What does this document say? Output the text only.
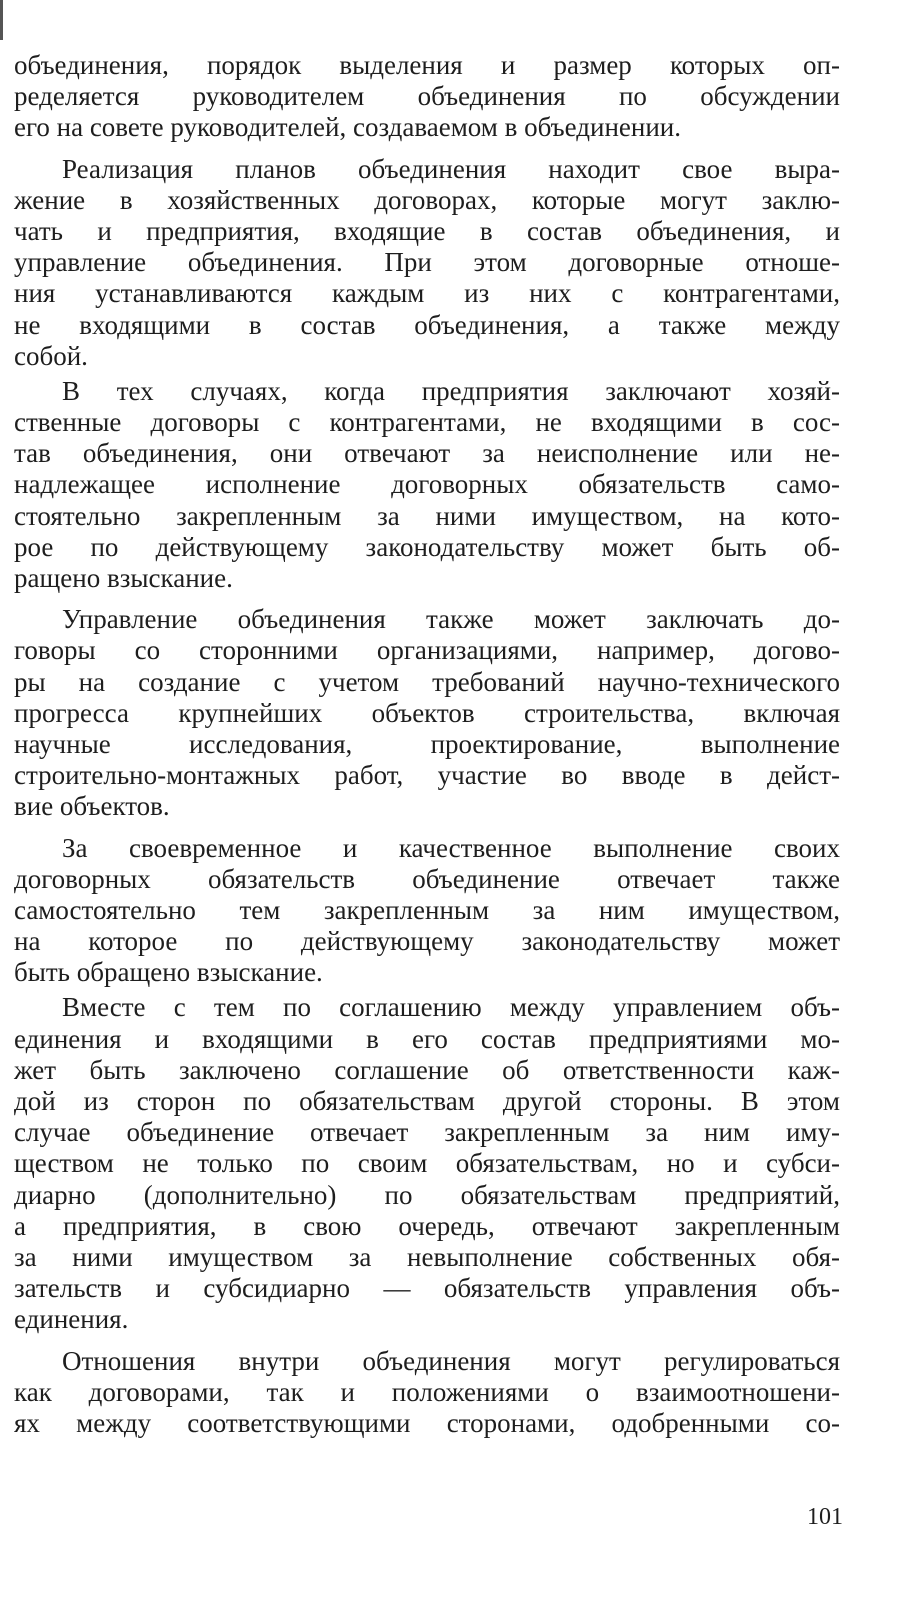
объединения, порядок выделения и размер которых оп-
ределяется руководителем объединения по обсуждении
его на совете руководителей, создаваемом в объединении.
Реализация планов объединения находит свое выра-
жение в хозяйственных договорах, которые могут заклю-
чать и предприятия, входящие в состав объединения, и
управление объединения. При этом договорные отноше-
ния устанавливаются каждым из них с контрагентами,
не входящими в состав объединения, а также между
собой.
В тех случаях, когда предприятия заключают хозяй-
ственные договоры с контрагентами, не входящими в сос-
тав объединения, они отвечают за неисполнение или не-
надлежащее исполнение договорных обязательств само-
стоятельно закрепленным за ними имуществом, на кото-
рое по действующему законодательству может быть об-
ращено взыскание.
Управление объединения также может заключать до-
говоры со сторонними организациями, например, догово-
ры на создание с учетом требований научно-технического
прогресса крупнейших объектов строительства, включая
научные исследования, проектирование, выполнение
строительно-монтажных работ, участие во вводе в дейст-
вие объектов.
За своевременное и качественное выполнение своих
договорных обязательств объединение отвечает также
самостоятельно тем закрепленным за ним имуществом,
на которое по действующему законодательству может
быть обращено взыскание.
Вместе с тем по соглашению между управлением объ-
единения и входящими в его состав предприятиями мо-
жет быть заключено соглашение об ответственности каж-
дой из сторон по обязательствам другой стороны. В этом
случае объединение отвечает закрепленным за ним иму-
ществом не только по своим обязательствам, но и субси-
диарно (дополнительно) по обязательствам предприятий,
а предприятия, в свою очередь, отвечают закрепленным
за ними имуществом за невыполнение собственных обя-
зательств и субсидиарно — обязательств управления объ-
единения.
Отношения внутри объединения могут регулироваться
как договорами, так и положениями о взаимоотношени-
ях между соответствующими сторонами, одобренными со-
101
